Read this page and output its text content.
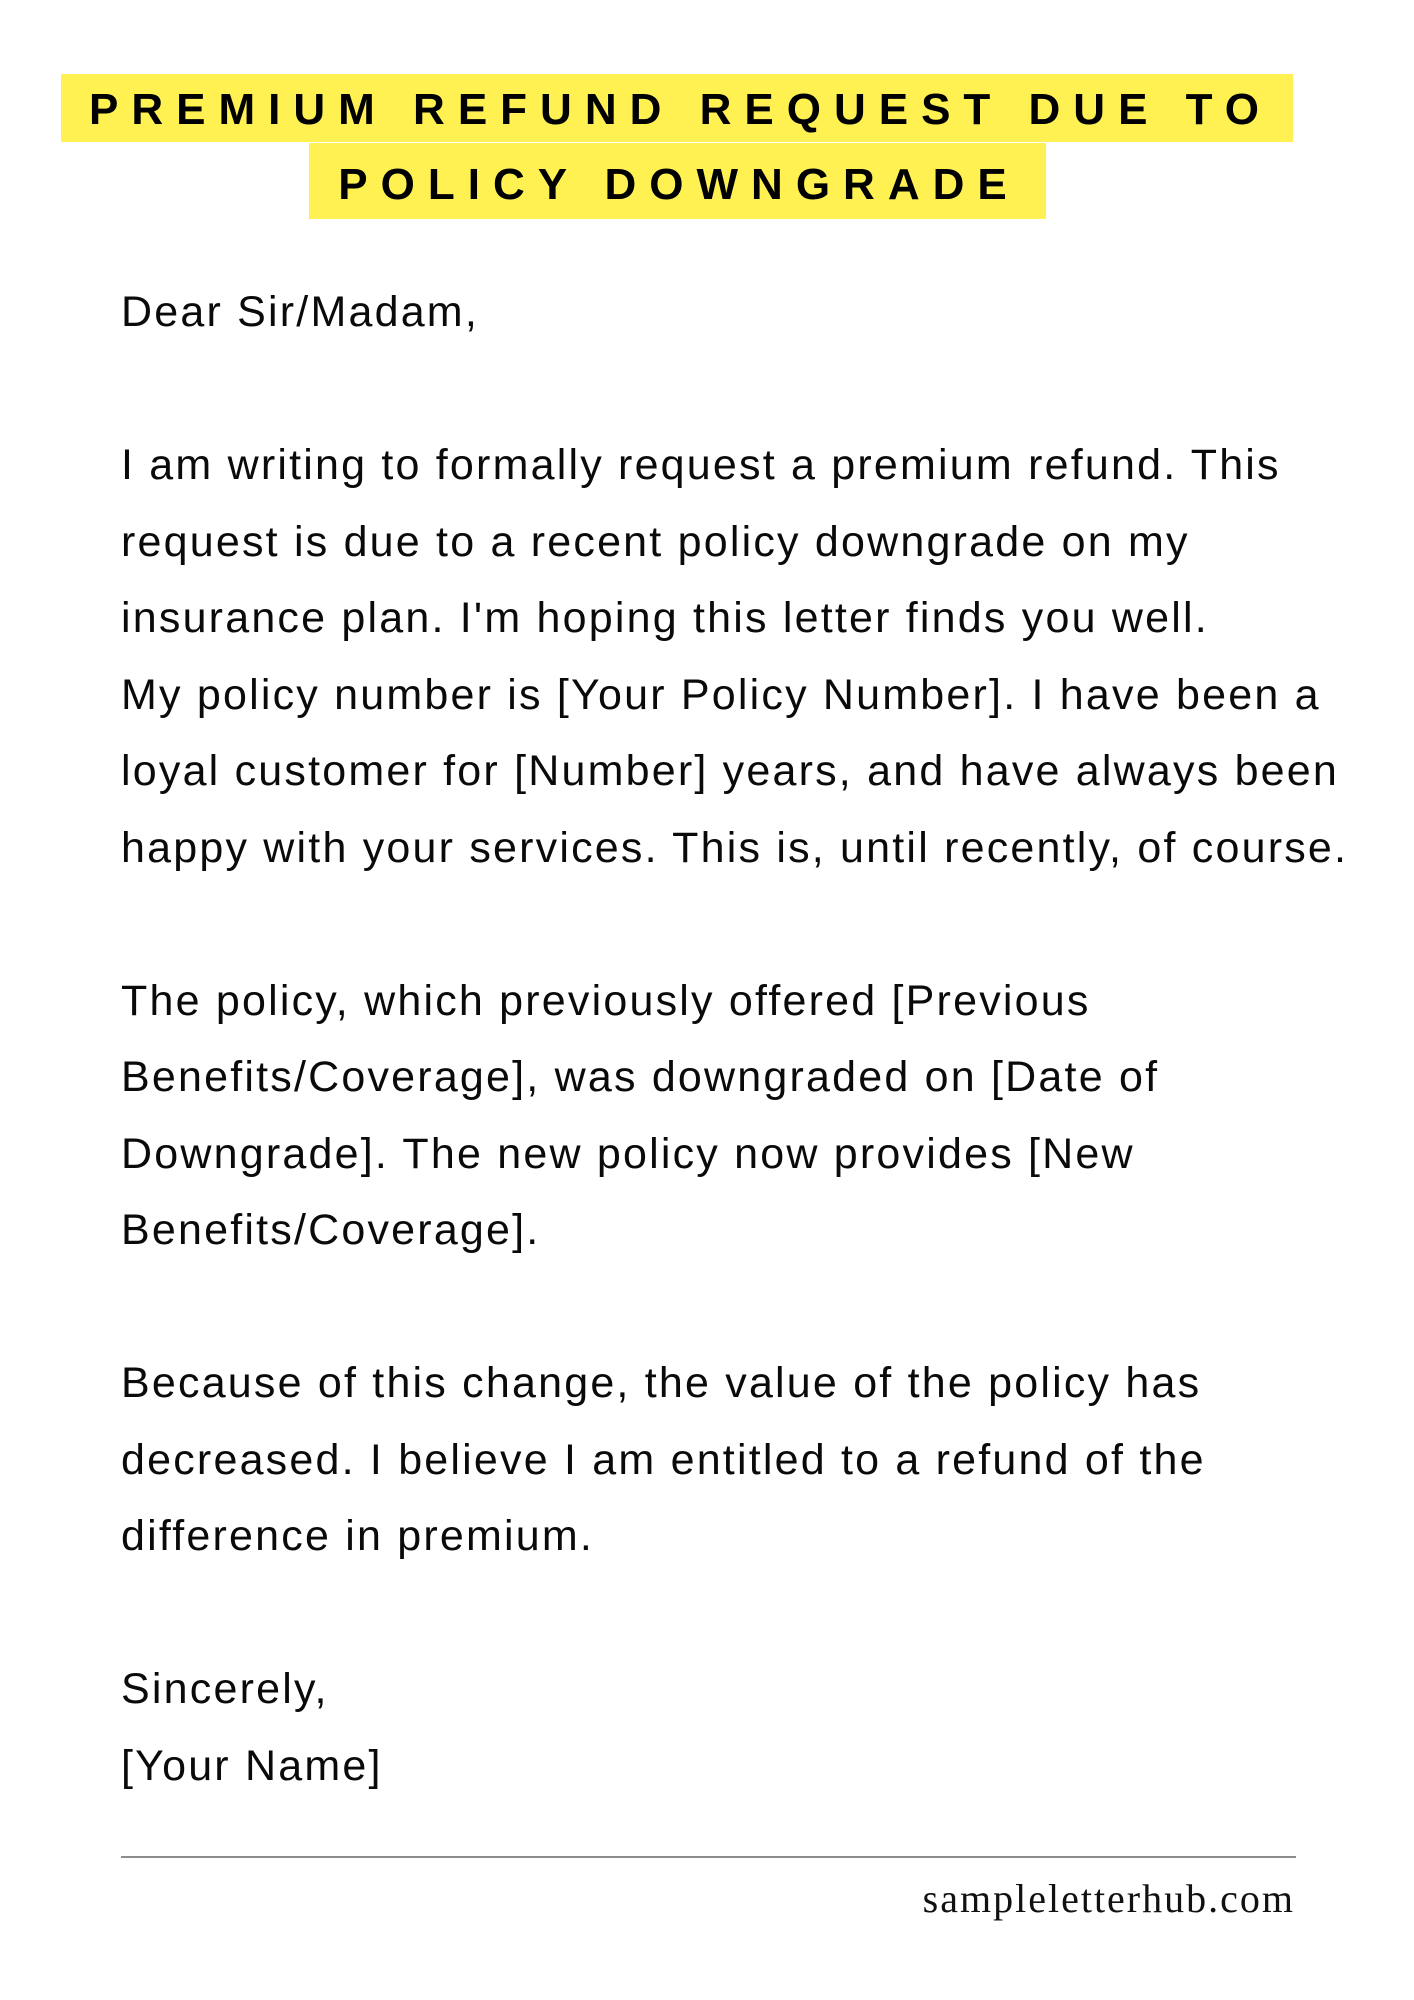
PREMIUM REFUND REQUEST DUE TO
POLICY DOWNGRADE
Dear Sir/Madam,
I am writing to formally request a premium refund. This
request is due to a recent policy downgrade on my
insurance plan. I'm hoping this letter finds you well.
My policy number is [Your Policy Number]. I have been a
loyal customer for [Number] years, and have always been
happy with your services. This is, until recently, of course.
The policy, which previously offered [Previous
Benefits/Coverage], was downgraded on [Date of
Downgrade]. The new policy now provides [New
Benefits/Coverage].
Because of this change, the value of the policy has
decreased. I believe I am entitled to a refund of the
difference in premium.
Sincerely,
[Your Name]
sampleletterhub.com
